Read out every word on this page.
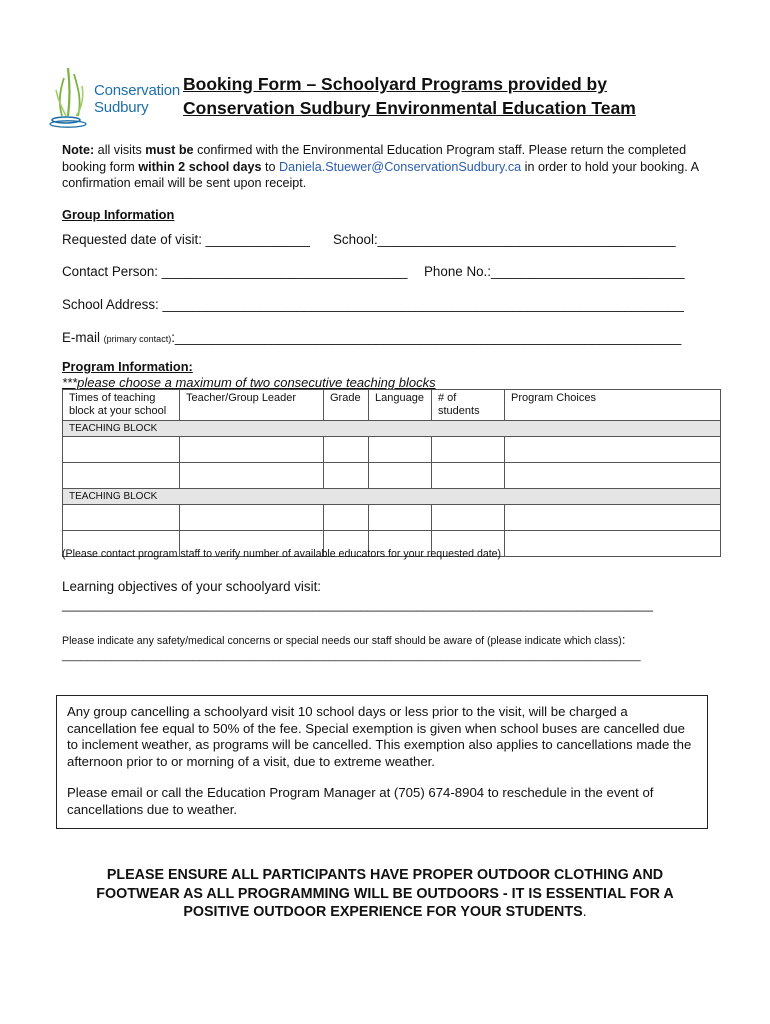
Conservation
Sudbury
Booking Form – Schoolyard Programs provided by
Conservation Sudbury Environmental Education Team
Note: all visits must be confirmed with the Environmental Education Program staff. Please return the completed booking form within 2 school days to Daniela.Stuewer@ConservationSudbury.ca in order to hold your booking. A confirmation email will be sent upon receipt.
Group Information
Requested date of visit: ______________ School:________________________________________
Contact Person: _________________________________ Phone No.:__________________________
School Address: ______________________________________________________________________
E-mail (primary contact):____________________________________________________________________
Program Information:
***please choose a maximum of two consecutive teaching blocks
Times of teaching block at your school	Teacher/Group Leader	Grade	Language	# of students	Program Choices
TEACHING BLOCK					

TEACHING BLOCK					

(Please contact program staff to verify number of available educators for your requested date)
Learning objectives of your schoolyard visit:
_____________________________________________________________________________________
Please indicate any safety/medical concerns or special needs our staff should be aware of (please indicate which class):
_____________________________________________________________________________________________

Any group cancelling a schoolyard visit 10 school days or less prior to the visit, will be charged a cancellation fee equal to 50% of the fee. Special exemption is given when school buses are cancelled due to inclement weather, as programs will be cancelled. This exemption also applies to cancellations made the afternoon prior to or morning of a visit, due to extreme weather.

Please email or call the Education Program Manager at (705) 674-8904 to reschedule in the event of cancellations due to weather.

PLEASE ENSURE ALL PARTICIPANTS HAVE PROPER OUTDOOR CLOTHING AND FOOTWEAR AS ALL PROGRAMMING WILL BE OUTDOORS - IT IS ESSENTIAL FOR A POSITIVE OUTDOOR EXPERIENCE FOR YOUR STUDENTS.
